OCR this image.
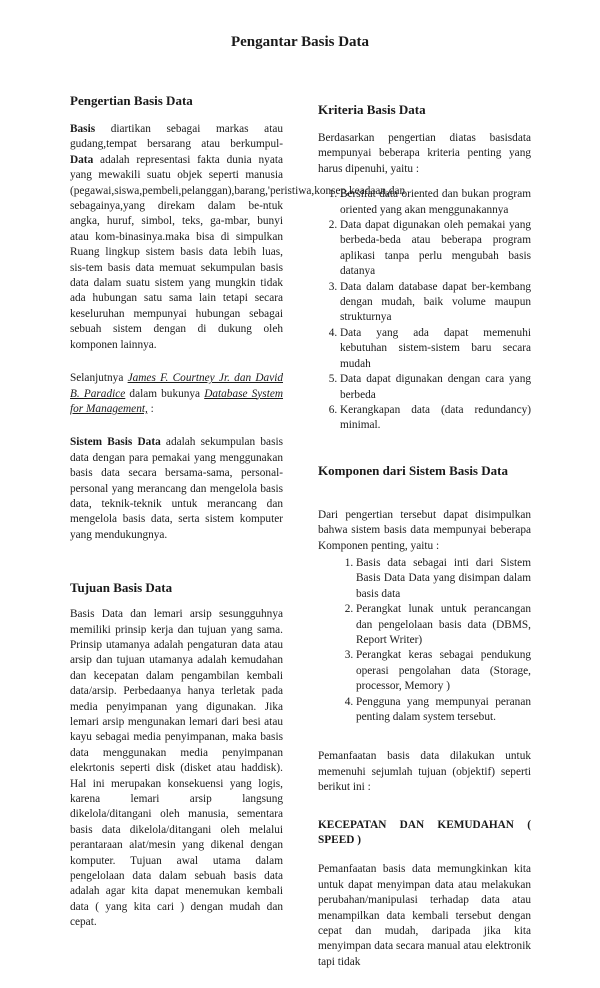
Pengantar Basis Data
Pengertian Basis Data

Basis diartikan sebagai markas atau gudang,tempat bersarang atau berkumpul-Data adalah representasi fakta dunia nyata yang mewakili suatu objek seperti manusia (pegawai,siswa,pembeli,pelanggan),barang,'peristiwa,konsep,keadaan,dan sebagainya,yang direkam dalam be-ntuk angka, huruf, simbol, teks, ga-mbar, bunyi atau kom-binasinya.maka bisa di simpulkan Ruang lingkup sistem basis data lebih luas, sis-tem basis data memuat sekumpulan basis data dalam suatu sistem yang mungkin tidak ada hubungan satu sama lain tetapi secara keseluruhan mempunyai hubungan sebagai sebuah sistem dengan di dukung oleh komponen lainnya.

Selanjutnya James F. Courtney Jr. dan David B. Paradice dalam bukunya Database System for Management, :

Sistem Basis Data adalah sekumpulan basis data dengan para pemakai yang menggunakan basis data secara bersama-sama, personal-personal yang merancang dan mengelola basis data, teknik-teknik untuk merancang dan mengelola basis data, serta sistem komputer yang mendukungnya.

Tujuan Basis Data

Basis Data dan lemari arsip sesungguhnya memiliki prinsip kerja dan tujuan yang sama. Prinsip utamanya adalah pengaturan data atau arsip dan tujuan utamanya adalah kemudahan dan kecepatan dalam pengambilan kembali data/arsip. Perbedaanya hanya terletak pada media penyimpanan yang digunakan. Jika lemari arsip mengunakan lemari dari besi atau kayu sebagai media penyimpanan, maka basis data menggunakan media penyimpanan elekrtonis seperti disk (disket atau haddisk). Hal ini merupakan konsekuensi yang logis, karena lemari arsip langsung dikelola/ditangani oleh manusia, sementara basis data dikelola/ditangani oleh melalui perantaraan alat/mesin yang dikenal dengan komputer. Tujuan awal utama dalam pengelolaan data dalam sebuah basis data adalah agar kita dapat menemukan kembali data ( yang kita cari ) dengan mudah dan cepat.

Kriteria Basis Data

Berdasarkan pengertian diatas basisdata mempunyai beberapa kriteria penting yang harus dipenuhi, yaitu :

1. Bersifat data oriented dan bukan program oriented yang akan menggunakannya
2. Data dapat digunakan oleh pemakai yang berbeda-beda atau beberapa program aplikasi tanpa perlu mengubah basis datanya
3. Data dalam database dapat ber-kembang dengan mudah, baik volume maupun strukturnya
4. Data yang ada dapat memenuhi kebutuhan sistem-sistem baru secara mudah
5. Data dapat digunakan dengan cara yang berbeda
6. Kerangkapan data (data redundancy) minimal.
Komponen dari Sistem Basis Data

Dari pengertian tersebut dapat disimpulkan bahwa sistem basis data mempunyai beberapa Komponen penting, yaitu :

1. Basis data sebagai inti dari Sistem Basis Data Data yang disimpan dalam basis data
2. Perangkat lunak untuk perancangan dan pengelolaan basis data (DBMS, Report Writer)
3. Perangkat keras sebagai pendukung operasi pengolahan data (Storage, processor, Memory )
4. Pengguna yang mempunyai peranan penting dalam system tersebut.

Pemanfaatan basis data dilakukan untuk memenuhi sejumlah tujuan (objektif) seperti berikut ini :

KECEPATAN DAN KEMUDAHAN ( SPEED )

Pemanfaatan basis data memungkinkan kita untuk dapat menyimpan data atau melakukan perubahan/manipulasi terhadap data atau menampilkan data kembali tersebut dengan cepat dan mudah, daripada jika kita menyimpan data secara manual atau elektronik tapi tidak
